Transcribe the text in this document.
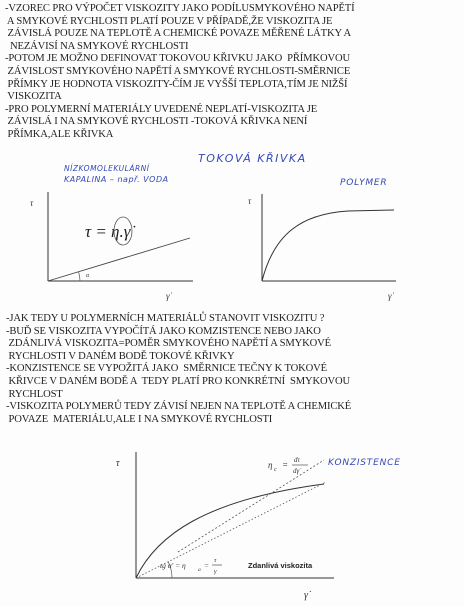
-VZOREC PRO VÝPOČET VISKOZITY JAKO PODÍLUSMYKOVÉHO NAPĚTÍ
A SMYKOVÉ RYCHLOSTI PLATÍ POUZE V PŘÍPADĚ,ŽE VISKOZITA JE
ZÁVISLÁ POUZE NA TEPLOTĚ A CHEMICKÉ POVAZE MĚŘENÉ LÁTKY A
NEZÁVISÍ NA SMYKOVÉ RYCHLOSTI
-POTOM JE MOŽNO DEFINOVAT TOKOVOU KŘIVKU JAKO  PŘÍMKOVOU
ZÁVISLOST SMYKOVÉHO NAPĚTÍ A SMYKOVÉ RYCHLOSTI-SMĚRNICE
PŘÍMKY JE HODNOTA VISKOZITY-ČÍM JE VYŠŠÍ TEPLOTA,TÍM JE NIŽŠÍ
VISKOZITA
-PRO POLYMERNÍ MATERIÁLY UVEDENÉ NEPLATÍ-VISKOZITA JE
ZÁVISLÁ I NA SMYKOVÉ RYCHLOSTI -TOKOVÁ KŘIVKA NENÍ
PŘÍMKA,ALE KŘIVKA
TOKOVÁ KŘIVKA
NÍZKOMOLEKULÁRNÍ
KAPALINA – např. VODA	POLYMER
α
τ
γ̇
τ = η.γ̇
τ
γ̇
-JAK TEDY U POLYMERNÍCH MATERIÁLŮ STANOVIT VISKOZITU ?
-BUĎ SE VISKOZITA VYPOČÍTÁ JAKO KOMZISTENCE NEBO JAKO
ZDÁNLIVÁ VISKOZITA=POMĚR SMYKOVÉHO NAPĚTÍ A SMYKOVÉ
RYCHLOSTI V DANÉM BODĚ TOKOVÉ KŘIVKY
-KONZISTENCE SE VYPOŽITÁ JAKO  SMĚRNICE TEČNY K TOKOVÉ
KŘIVCE V DANÉM BODĚ A  TEDY PLATÍ PRO KONKRÉTNÍ  SMYKOVOU
RYCHLOST
-VISKOZITA POLYMERŮ TEDY ZÁVISÍ NEJEN NA TEPLOTĚ A CHEMICKÉ
POVAZE  MATERIÁLU,ALE I NA SMYKOVÉ RYCHLOSTI
KONZISTENCE
τ
γ̇
η c = dτ
dγ̇
tg α' = η a =
τ
γ
Zdanlivá viskozita
